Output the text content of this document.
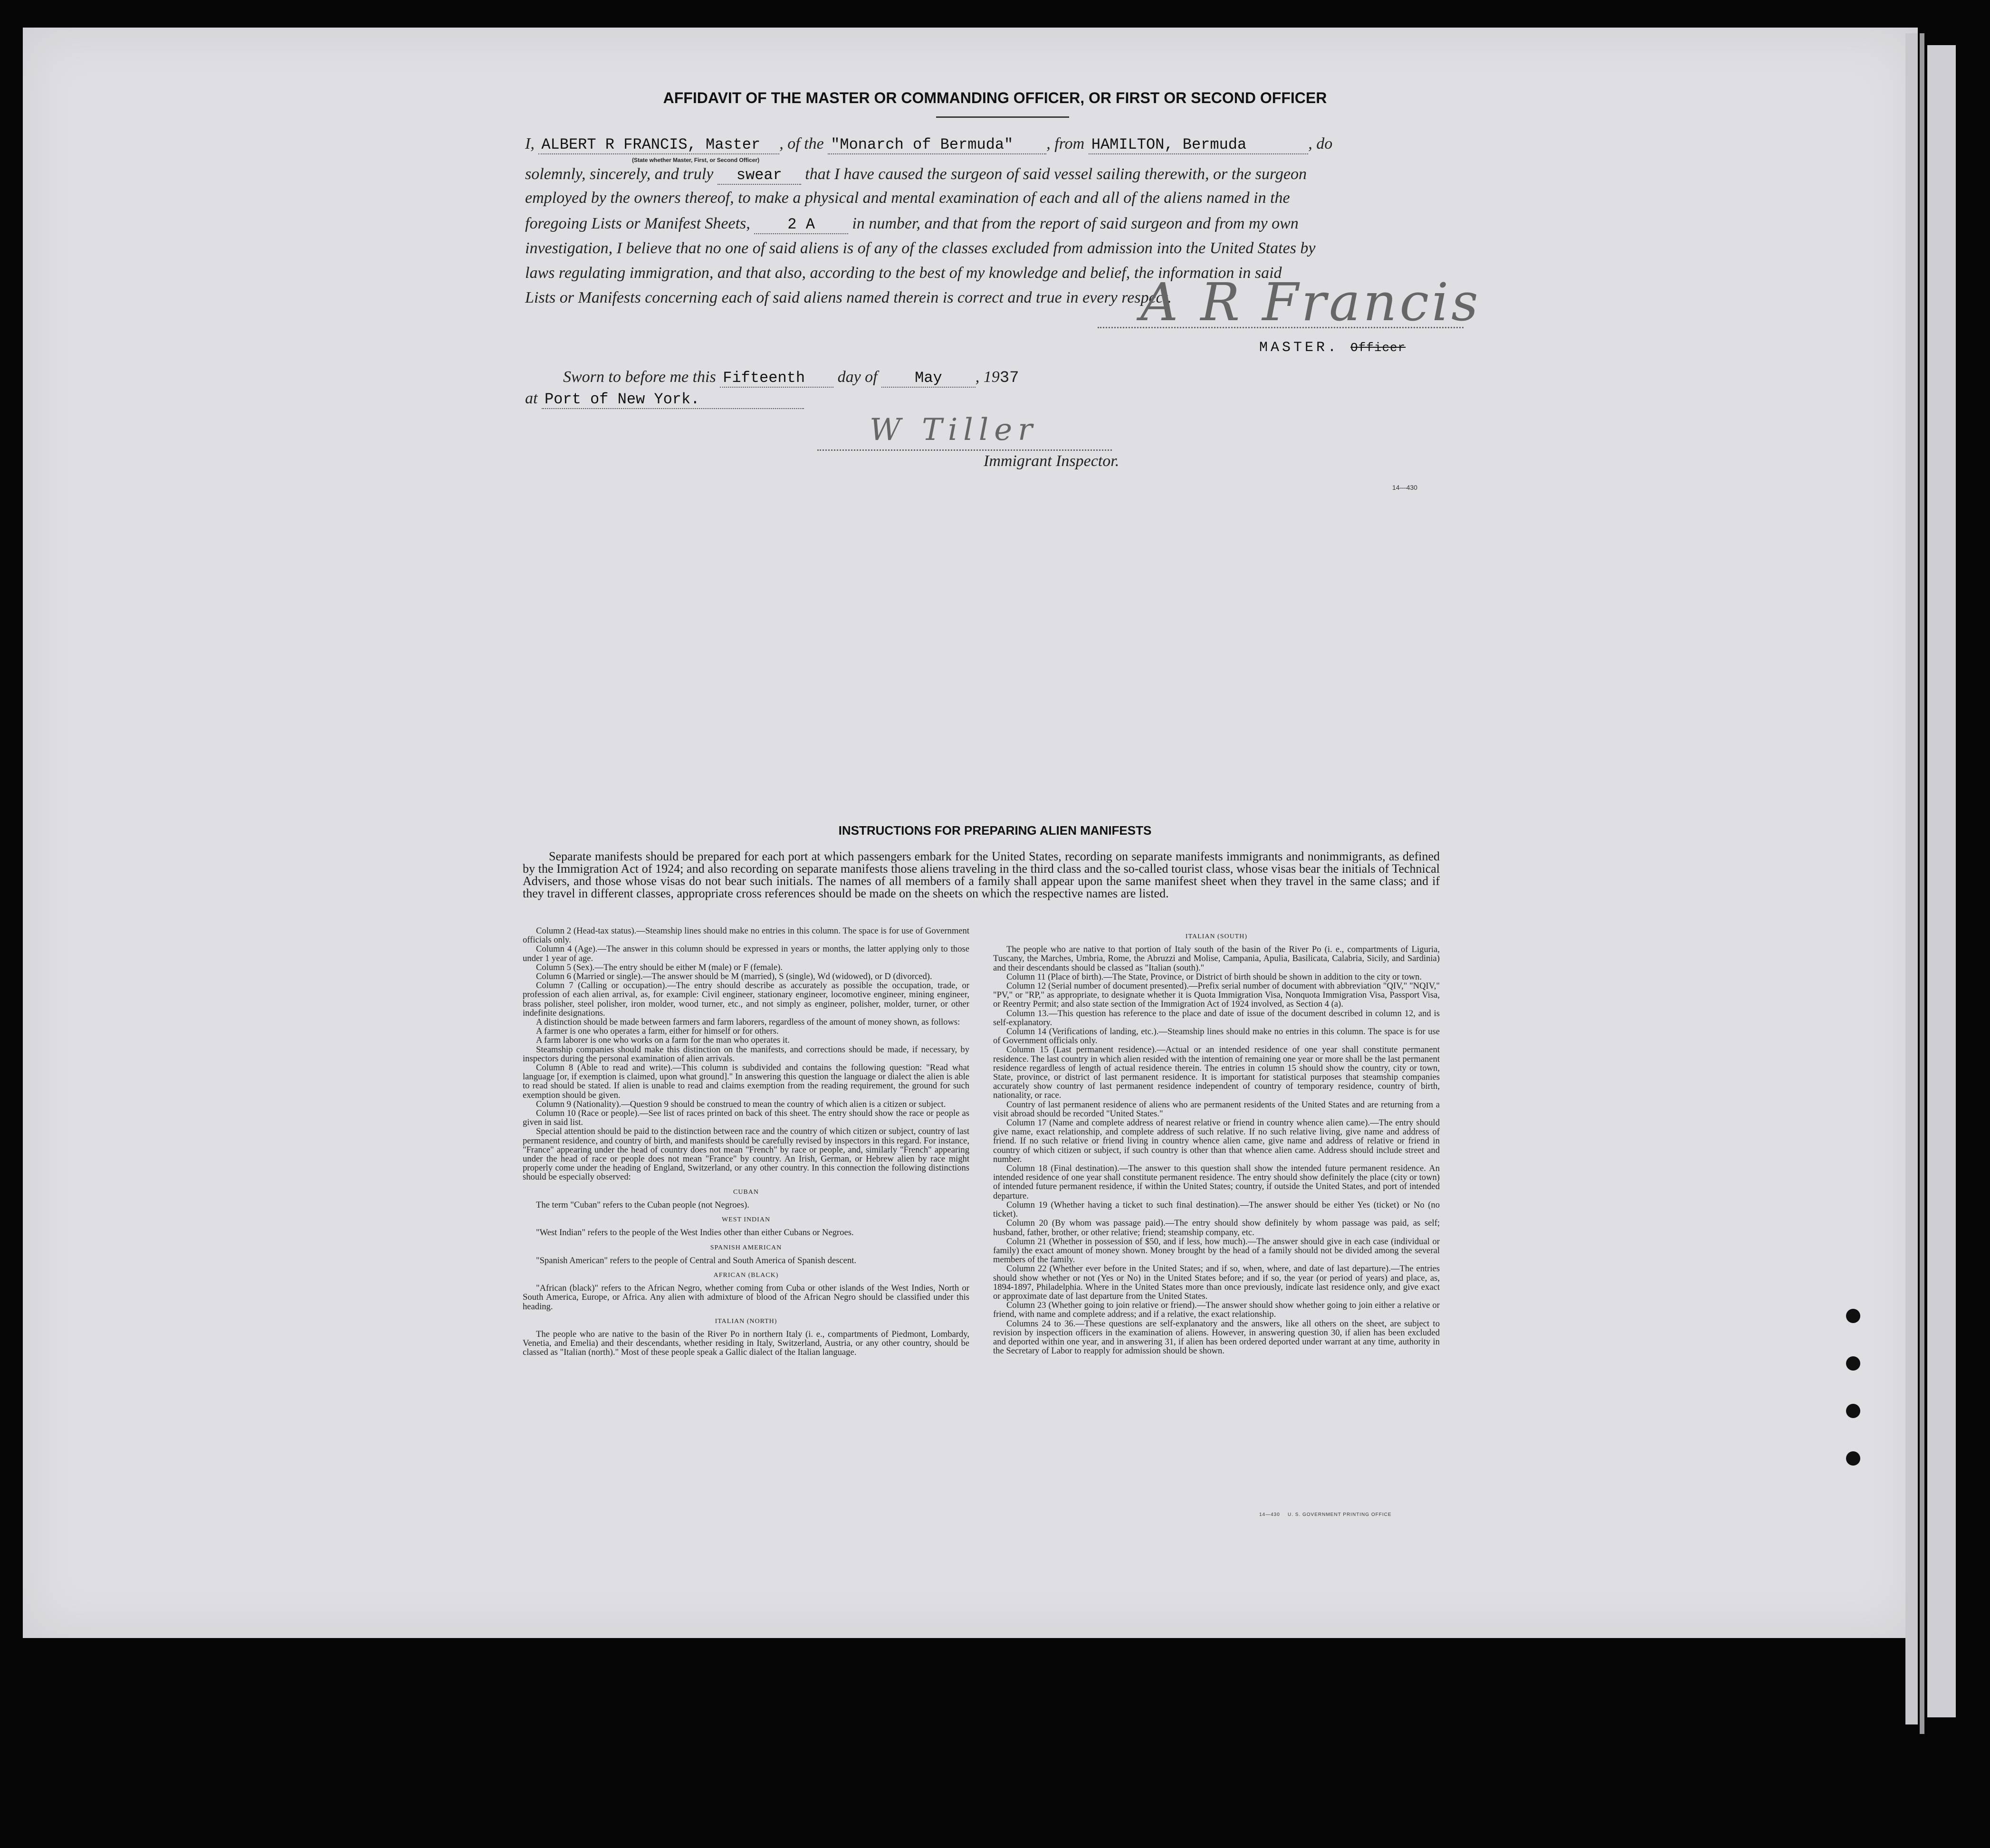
AFFIDAVIT OF THE MASTER OR COMMANDING OFFICER, OR FIRST OR SECOND OFFICER
I, ALBERT R FRANCIS, Master , of the "Monarch of Bermuda" , from HAMILTON, Bermuda	, do
(State whether Master, First, or Second Officer)
solemnly, sincerely, and truly swear that I have caused the surgeon of said vessel sailing therewith, or the surgeon
employed by the owners thereof, to make a physical and mental examination of each and all of the aliens named in the
foregoing Lists or Manifest Sheets, 2 A in number, and that from the report of said surgeon and from my own
investigation, I believe that no one of said aliens is of any of the classes excluded from admission into the United States by
laws regulating immigration, and that also, according to the best of my knowledge and belief, the information in said
Lists or Manifests concerning each of said aliens named therein is correct and true in every respect.
A R Francis
MASTER. Officer
Sworn to before me this Fifteenth day of May , 1937
at Port of New York.
W Tiller
Immigrant Inspector.
14—430
INSTRUCTIONS FOR PREPARING ALIEN MANIFESTS
Separate manifests should be prepared for each port at which passengers embark for the United States, recording on separate manifests immigrants and nonimmigrants, as defined by the Immigration Act of 1924; and also recording on separate manifests those aliens traveling in the third class and the so-called tourist class, whose visas bear the initials of Technical Advisers, and those whose visas do not bear such initials. The names of all members of a family shall appear upon the same manifest sheet when they travel in the same class; and if they travel in different classes, appropriate cross references should be made on the sheets on which the respective names are listed.

Column 2 (Head-tax status).—Steamship lines should make no entries in this column. The space is for use of Government officials only.

Column 4 (Age).—The answer in this column should be expressed in years or months, the latter applying only to those under 1 year of age.

Column 5 (Sex).—The entry should be either M (male) or F (female).

Column 6 (Married or single).—The answer should be M (married), S (single), Wd (widowed), or D (divorced).

Column 7 (Calling or occupation).—The entry should describe as accurately as possible the occupation, trade, or profession of each alien arrival, as, for example: Civil engineer, stationary engineer, locomotive engineer, mining engineer, brass polisher, steel polisher, iron molder, wood turner, etc., and not simply as engineer, polisher, molder, turner, or other indefinite designations.

A distinction should be made between farmers and farm laborers, regardless of the amount of money shown, as follows:

A farmer is one who operates a farm, either for himself or for others.

A farm laborer is one who works on a farm for the man who operates it.

Steamship companies should make this distinction on the manifests, and corrections should be made, if necessary, by inspectors during the personal examination of alien arrivals.

Column 8 (Able to read and write).—This column is subdivided and contains the following question: "Read what language [or, if exemption is claimed, upon what ground]." In answering this question the language or dialect the alien is able to read should be stated. If alien is unable to read and claims exemption from the reading requirement, the ground for such exemption should be given.

Column 9 (Nationality).—Question 9 should be construed to mean the country of which alien is a citizen or subject.

Column 10 (Race or people).—See list of races printed on back of this sheet. The entry should show the race or people as given in said list.

Special attention should be paid to the distinction between race and the country of which citizen or subject, country of last permanent residence, and country of birth, and manifests should be carefully revised by inspectors in this regard. For instance, "France" appearing under the head of country does not mean "French" by race or people, and, similarly "French" appearing under the head of race or people does not mean "France" by country. An Irish, German, or Hebrew alien by race might properly come under the heading of England, Switzerland, or any other country. In this connection the following distinctions should be especially observed:

CUBAN

The term "Cuban" refers to the Cuban people (not Negroes).

WEST INDIAN

"West Indian" refers to the people of the West Indies other than either Cubans or Negroes.

SPANISH AMERICAN

"Spanish American" refers to the people of Central and South America of Spanish descent.

AFRICAN (BLACK)

"African (black)" refers to the African Negro, whether coming from Cuba or other islands of the West Indies, North or South America, Europe, or Africa. Any alien with admixture of blood of the African Negro should be classified under this heading.

ITALIAN (NORTH)

The people who are native to the basin of the River Po in northern Italy (i. e., compartments of Piedmont, Lombardy, Venetia, and Emelia) and their descendants, whether residing in Italy, Switzerland, Austria, or any other country, should be classed as "Italian (north)." Most of these people speak a Gallic dialect of the Italian language.

ITALIAN (SOUTH)

The people who are native to that portion of Italy south of the basin of the River Po (i. e., compartments of Liguria, Tuscany, the Marches, Umbria, Rome, the Abruzzi and Molise, Campania, Apulia, Basilicata, Calabria, Sicily, and Sardinia) and their descendants should be classed as "Italian (south)."

Column 11 (Place of birth).—The State, Province, or District of birth should be shown in addition to the city or town.

Column 12 (Serial number of document presented).—Prefix serial number of document with abbreviation "QIV," "NQIV," "PV," or "RP," as appropriate, to designate whether it is Quota Immigration Visa, Nonquota Immigration Visa, Passport Visa, or Reentry Permit; and also state section of the Immigration Act of 1924 involved, as Section 4 (a).

Column 13.—This question has reference to the place and date of issue of the document described in column 12, and is self-explanatory.

Column 14 (Verifications of landing, etc.).—Steamship lines should make no entries in this column. The space is for use of Government officials only.

Column 15 (Last permanent residence).—Actual or an intended residence of one year shall constitute permanent residence. The last country in which alien resided with the intention of remaining one year or more shall be the last permanent residence regardless of length of actual residence therein. The entries in column 15 should show the country, city or town, State, province, or district of last permanent residence. It is important for statistical purposes that steamship companies accurately show country of last permanent residence independent of country of temporary residence, country of birth, nationality, or race.

Country of last permanent residence of aliens who are permanent residents of the United States and are returning from a visit abroad should be recorded "United States."

Column 17 (Name and complete address of nearest relative or friend in country whence alien came).—The entry should give name, exact relationship, and complete address of such relative. If no such relative living, give name and address of friend. If no such relative or friend living in country whence alien came, give name and address of relative or friend in country of which citizen or subject, if such country is other than that whence alien came. Address should include street and number.

Column 18 (Final destination).—The answer to this question shall show the intended future permanent residence. An intended residence of one year shall constitute permanent residence. The entry should show definitely the place (city or town) of intended future permanent residence, if within the United States; country, if outside the United States, and port of intended departure.

Column 19 (Whether having a ticket to such final destination).—The answer should be either Yes (ticket) or No (no ticket).

Column 20 (By whom was passage paid).—The entry should show definitely by whom passage was paid, as self; husband, father, brother, or other relative; friend; steamship company, etc.

Column 21 (Whether in possession of $50, and if less, how much).—The answer should give in each case (individual or family) the exact amount of money shown. Money brought by the head of a family should not be divided among the several members of the family.

Column 22 (Whether ever before in the United States; and if so, when, where, and date of last departure).—The entries should show whether or not (Yes or No) in the United States before; and if so, the year (or period of years) and place, as, 1894-1897, Philadelphia. Where in the United States more than once previously, indicate last residence only, and give exact or approximate date of last departure from the United States.

Column 23 (Whether going to join relative or friend).—The answer should show whether going to join either a relative or friend, with name and complete address; and if a relative, the exact relationship.

Columns 24 to 36.—These questions are self-explanatory and the answers, like all others on the sheet, are subject to revision by inspection officers in the examination of aliens. However, in answering question 30, if alien has been excluded and deported within one year, and in answering 31, if alien has been ordered deported under warrant at any time, authority in the Secretary of Labor to reapply for admission should be shown.

14—430 U. S. GOVERNMENT PRINTING OFFICE
